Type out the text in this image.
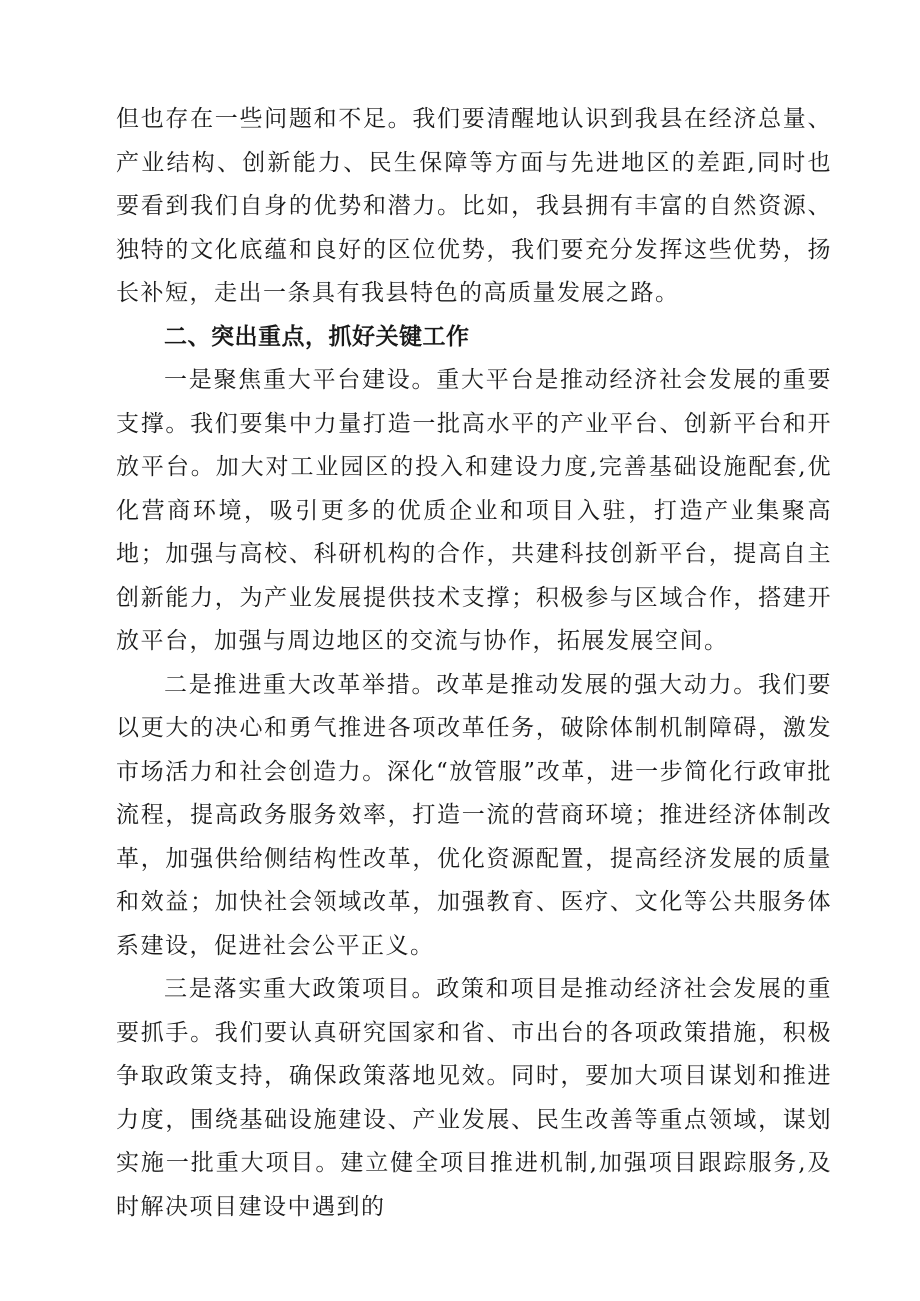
但也存在一些问题和不足。我们要清醒地认识到我县在经济总量、产业结构、创新能力、民生保障等方面与先进地区的差距,同时也要看到我们自身的优势和潜力。比如，我县拥有丰富的自然资源、独特的文化底蕴和良好的区位优势，我们要充分发挥这些优势，扬长补短，走出一条具有我县特色的高质量发展之路。

二、突出重点，抓好关键工作

一是聚焦重大平台建设。重大平台是推动经济社会发展的重要支撑。我们要集中力量打造一批高水平的产业平台、创新平台和开放平台。加大对工业园区的投入和建设力度,完善基础设施配套,优化营商环境，吸引更多的优质企业和项目入驻，打造产业集聚高地；加强与高校、科研机构的合作，共建科技创新平台，提高自主创新能力，为产业发展提供技术支撑；积极参与区域合作，搭建开放平台，加强与周边地区的交流与协作，拓展发展空间。

二是推进重大改革举措。改革是推动发展的强大动力。我们要以更大的决心和勇气推进各项改革任务，破除体制机制障碍，激发市场活力和社会创造力。深化“放管服”改革，进一步简化行政审批流程，提高政务服务效率，打造一流的营商环境；推进经济体制改革，加强供给侧结构性改革，优化资源配置，提高经济发展的质量和效益；加快社会领域改革，加强教育、医疗、文化等公共服务体系建设，促进社会公平正义。

三是落实重大政策项目。政策和项目是推动经济社会发展的重要抓手。我们要认真研究国家和省、市出台的各项政策措施，积极争取政策支持，确保政策落地见效。同时，要加大项目谋划和推进力度，围绕基础设施建设、产业发展、民生改善等重点领域，谋划实施一批重大项目。建立健全项目推进机制,加强项目跟踪服务,及时解决项目建设中遇到的
